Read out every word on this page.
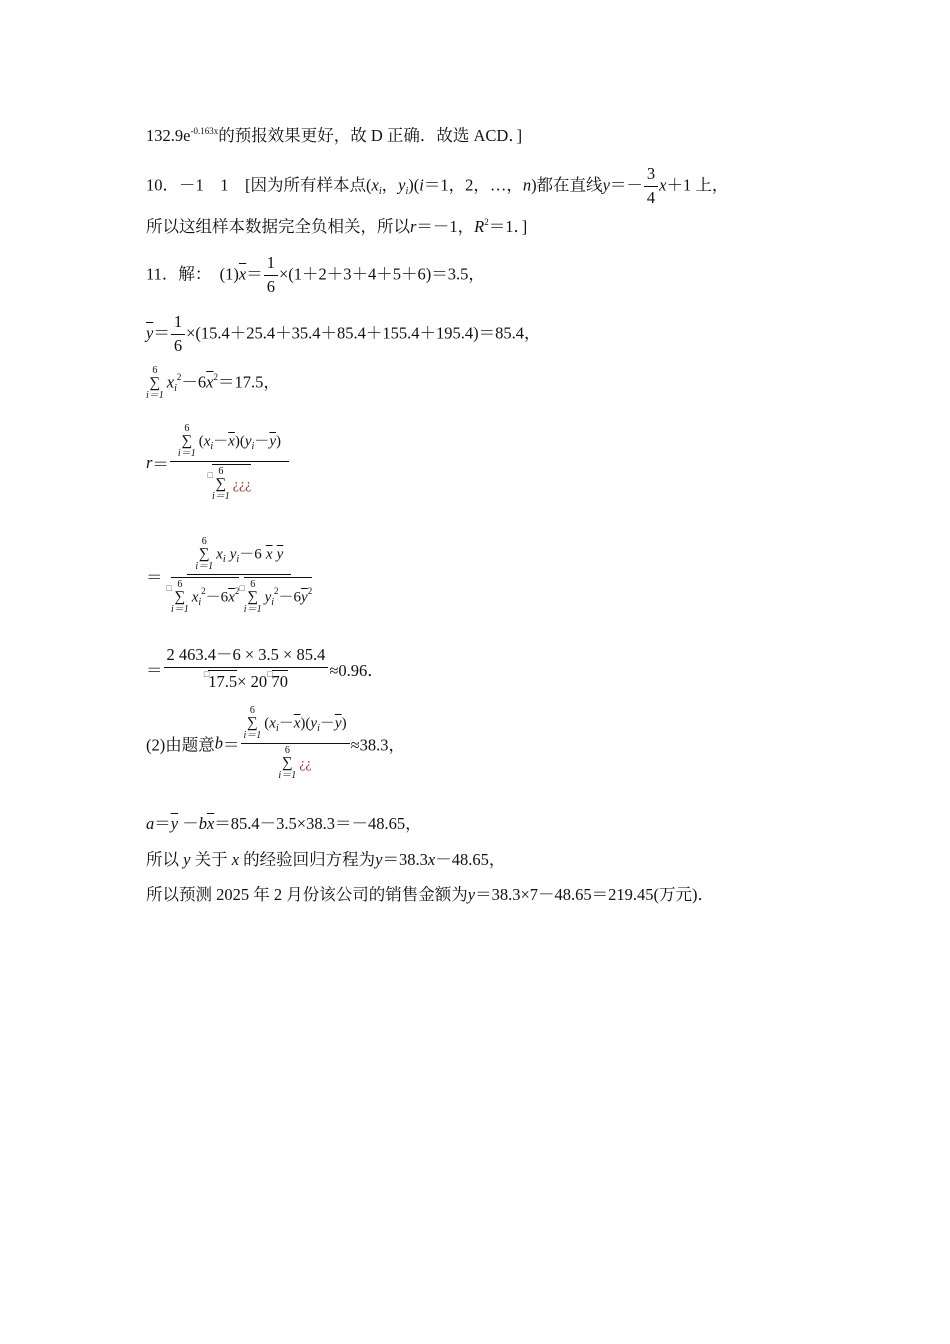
$132.9e^{-0.163x}$的预报效果更好，故 D 正确．故选 ACD．]
10．－1　1　[因为所有样本点($x_i$，$y_i)(i=1$，2，…，n)都在直线$y=- \frac{3}{4} x+1$ 上，
所以这组样本数据完全负相关，所以r＝－1，$R^2=1$．]
11．解：　$(1)\overline{x}= \frac{1}{6} \times(1+2+3+4+5+6)=3.5$，
$\overline{y}= \frac{1}{6} \times(15.4+25.4+35.4+85.4+155.4+195.4)=85.4$，
6
∑
i＝1
$x_i^2-6\overline{x}^2=17.5$，
r＝ 6
∑
i＝1
$(x_i-\overline{x})(y_i-\overline{y})$
□ 6
∑
i＝1
¿¿¿
＝ 6
∑
i＝1
$x_i$ $y_i-6$ $\overline{x}$ $\overline{y}$
□ 6
∑
i＝1
$x_i^2-6\overline{x}^2□$ 6
∑
i＝1
$y_i^2-6\overline{y}^2$
＝ $\frac{2 463.4-6 \times 3.5 \times 85.4}{□17.5\times 20□70} \approx 0.96$．
(2)由题意b＝ 6
∑
i＝1
$(x_i-\overline{x})(y_i-\overline{y})$
6
∑
i＝1
¿¿ ≈38.3，
$a=\overline{y} -b\overline{x}=85.4-3.5\times 38.3=-48.65$，
所以 y 关于 x 的经验回归方程为y＝38.3x－48.65，
所以预测 2025 年 2 月份该公司的销售金额为y＝38.3×7－48.65＝219.45(万元)．
